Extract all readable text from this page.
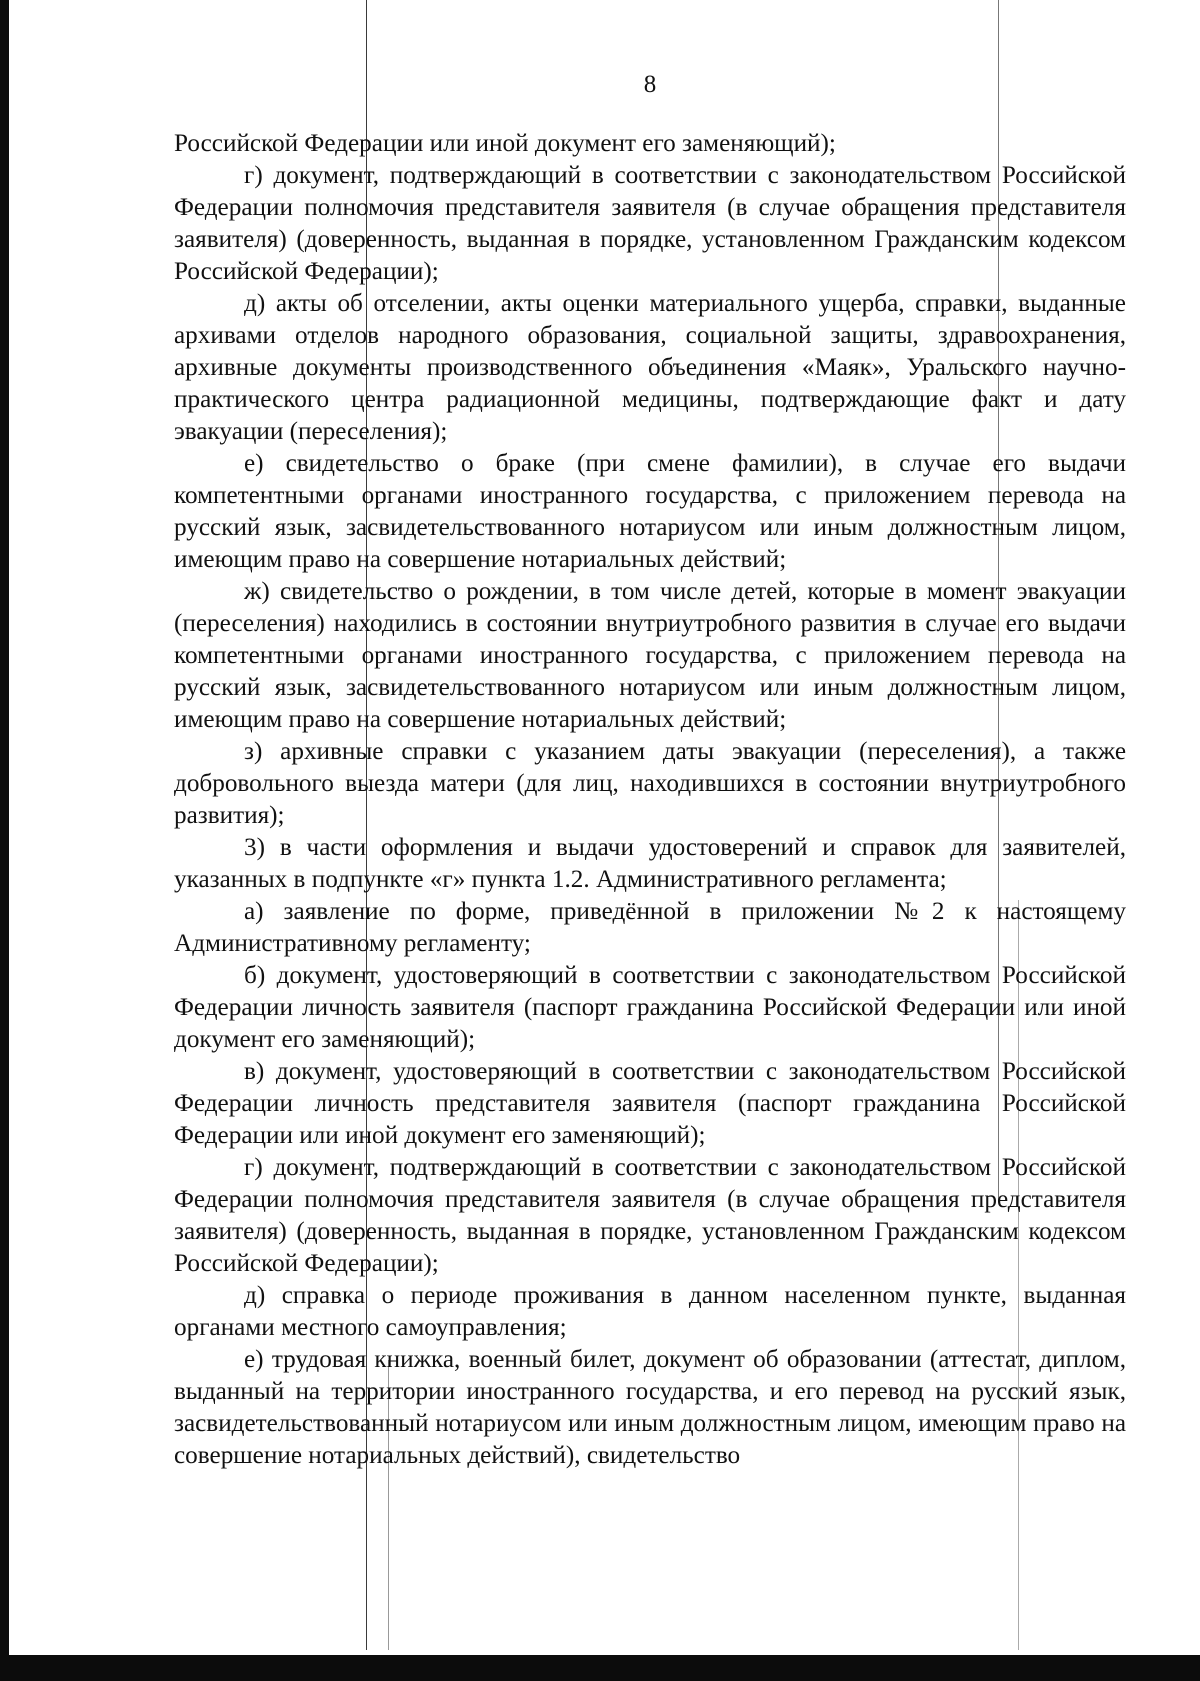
8

Российской Федерации или иной документ его заменяющий);

г) документ, подтверждающий в соответствии с законодательством Российской Федерации полномочия представителя заявителя (в случае обращения представителя заявителя) (доверенность, выданная в порядке, установленном Гражданским кодексом Российской Федерации);

д) акты об отселении, акты оценки материального ущерба, справки, выданные архивами отделов народного образования, социальной защиты, здравоохранения, архивные документы производственного объединения «Маяк», Уральского научно-практического центра радиационной медицины, подтверждающие факт и дату эвакуации (переселения);

е) свидетельство о браке (при смене фамилии), в случае его выдачи компетентными органами иностранного государства, с приложением перевода на русский язык, засвидетельствованного нотариусом или иным должностным лицом, имеющим право на совершение нотариальных действий;

ж) свидетельство о рождении, в том числе детей, которые в момент эвакуации (переселения) находились в состоянии внутриутробного развития в случае его выдачи компетентными органами иностранного государства, с приложением перевода на русский язык, засвидетельствованного нотариусом или иным должностным лицом, имеющим право на совершение нотариальных действий;

з) архивные справки с указанием даты эвакуации (переселения), а также добровольного выезда матери (для лиц, находившихся в состоянии внутриутробного развития);

3) в части оформления и выдачи удостоверений и справок для заявителей, указанных в подпункте «г» пункта 1.2. Административного регламента;

а) заявление по форме, приведённой в приложении №2 к настоящему Административному регламенту;

б) документ, удостоверяющий в соответствии с законодательством Российской Федерации личность заявителя (паспорт гражданина Российской Федерации или иной документ его заменяющий);

в) документ, удостоверяющий в соответствии с законодательством Российской Федерации личность представителя заявителя (паспорт гражданина Российской Федерации или иной документ его заменяющий);

г) документ, подтверждающий в соответствии с законодательством Российской Федерации полномочия представителя заявителя (в случае обращения представителя заявителя) (доверенность, выданная в порядке, установленном Гражданским кодексом Российской Федерации);

д) справка о периоде проживания в данном населенном пункте, выданная органами местного самоуправления;

е) трудовая книжка, военный билет, документ об образовании (аттестат, диплом, выданный на территории иностранного государства, и его перевод на русский язык, засвидетельствованный нотариусом или иным должностным лицом, имеющим право на совершение нотариальных действий), свидетельство
